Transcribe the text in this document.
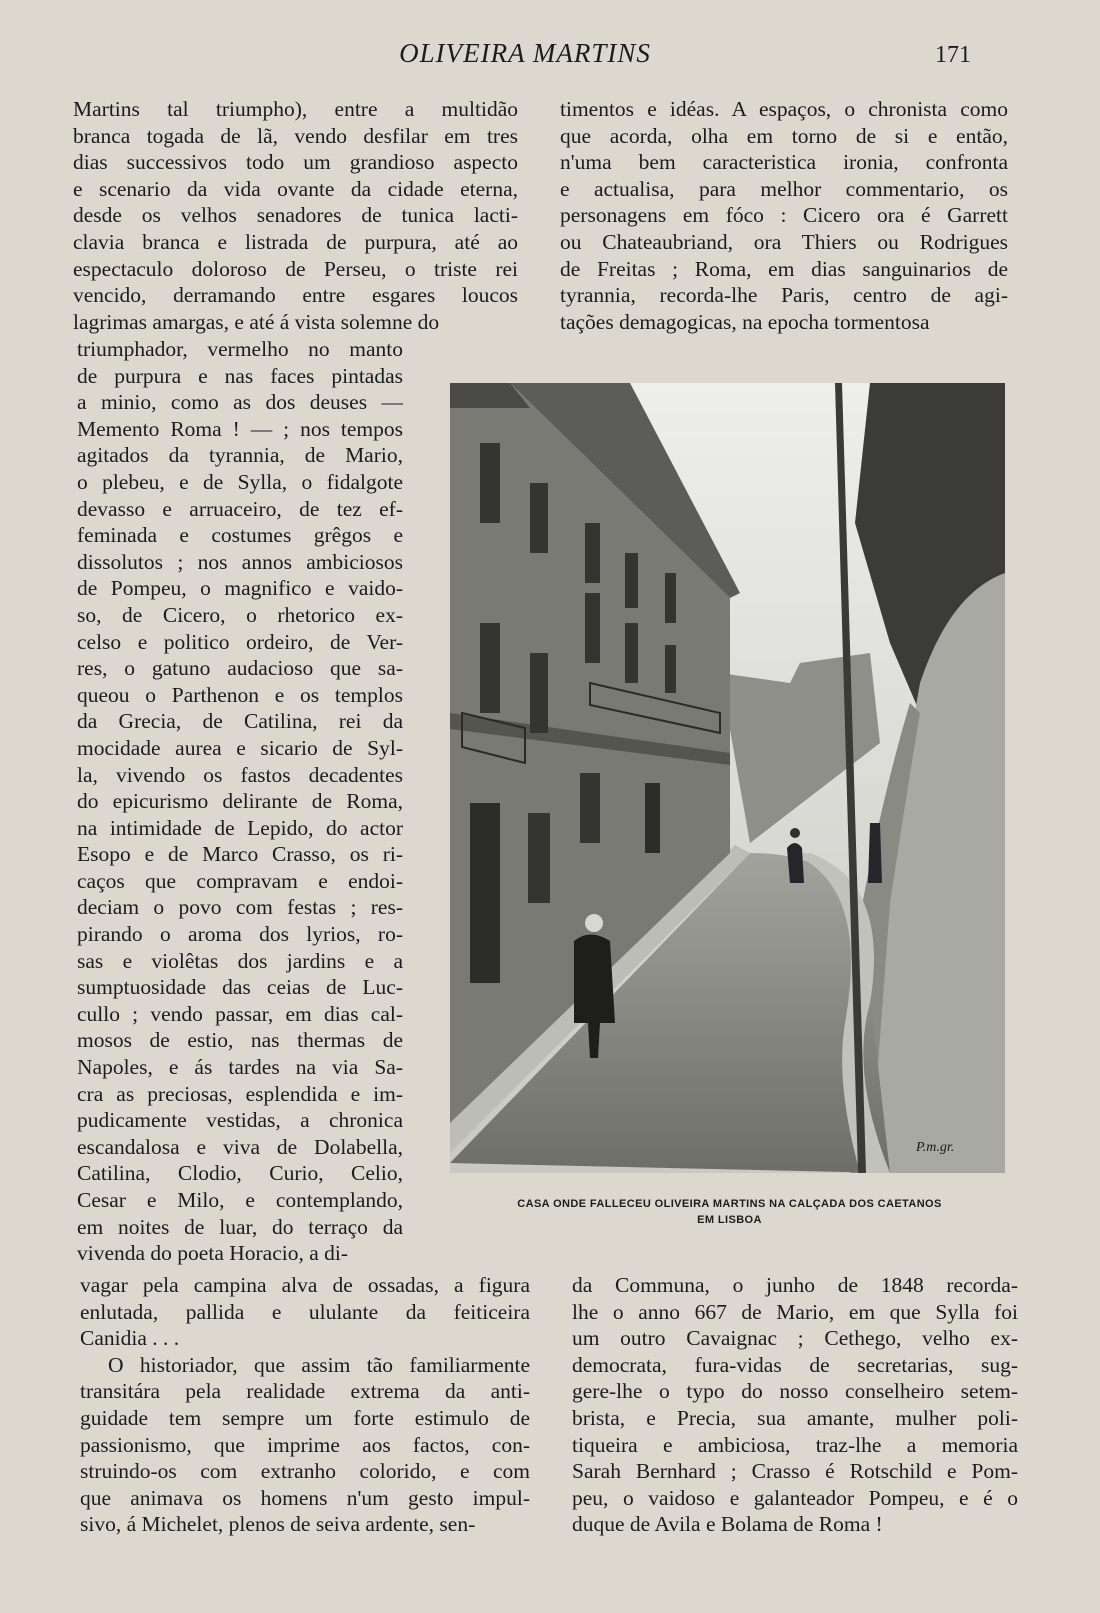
OLIVEIRA MARTINS	171
Martins tal triumpho), entre a multidão
branca togada de lã, vendo desfilar em tres
dias successivos todo um grandioso aspecto
e scenario da vida ovante da cidade eterna,
desde os velhos senadores de tunica lacti-
clavia branca e listrada de purpura, até ao
espectaculo doloroso de Perseu, o triste rei
vencido, derramando entre esgares loucos
lagrimas amargas, e até á vista solemne do
triumphador, vermelho no manto
de purpura e nas faces pintadas
a minio, como as dos deuses —
Memento Roma ! — ; nos tempos
agitados da tyrannia, de Mario,
o plebeu, e de Sylla, o fidalgote
devasso e arruaceiro, de tez ef-
feminada e costumes grêgos e
dissolutos ; nos annos ambiciosos
de Pompeu, o magnifico e vaido-
so, de Cicero, o rhetorico ex-
celso e politico ordeiro, de Ver-
res, o gatuno audacioso que sa-
queou o Parthenon e os templos
da Grecia, de Catilina, rei da
mocidade aurea e sicario de Syl-
la, vivendo os fastos decadentes
do epicurismo delirante de Roma,
na intimidade de Lepido, do actor
Esopo e de Marco Crasso, os ri-
caços que compravam e endoi-
deciam o povo com festas ; res-
pirando o aroma dos lyrios, ro-
sas e violêtas dos jardins e a
sumptuosidade das ceias de Luc-
cullo ; vendo passar, em dias cal-
mosos de estio, nas thermas de
Napoles, e ás tardes na via Sa-
cra as preciosas, esplendida e im-
pudicamente vestidas, a chronica
escandalosa e viva de Dolabella,
Catilina, Clodio, Curio, Celio,
Cesar e Milo, e contemplando,
em noites de luar, do terraço da
vivenda do poeta Horacio, a di-
vagar pela campina alva de ossadas, a figura
enlutada, pallida e ululante da feiticeira
Canidia . . .
O historiador, que assim tão familiarmente
transitára pela realidade extrema da anti-
guidade tem sempre um forte estimulo de
passionismo, que imprime aos factos, con-
struindo-os com extranho colorido, e com
que animava os homens n'um gesto impul-
sivo, á Michelet, plenos de seiva ardente, sen-
timentos e idéas. A espaços, o chronista como
que acorda, olha em torno de si e então,
n'uma bem caracteristica ironia, confronta
e actualisa, para melhor commentario, os
personagens em fóco : Cicero ora é Garrett
ou Chateaubriand, ora Thiers ou Rodrigues
de Freitas ; Roma, em dias sanguinarios de
tyrannia, recorda-lhe Paris, centro de agi-
tações demagogicas, na epocha tormentosa
da Communa, o junho de 1848 recorda-
lhe o anno 667 de Mario, em que Sylla foi
um outro Cavaignac ; Cethego, velho ex-
democrata, fura-vidas de secretarias, sug-
gere-lhe o typo do nosso conselheiro setem-
brista, e Precia, sua amante, mulher poli-
tiqueira e ambiciosa, traz-lhe a memoria
Sarah Bernhard ; Crasso é Rotschild e Pom-
peu, o vaidoso e galanteador Pompeu, e é o
duque de Avila e Bolama de Roma !
P.m.gr.
CASA ONDE FALLECEU OLIVEIRA MARTINS NA CALÇADA DOS CAETANOS
EM LISBOA
